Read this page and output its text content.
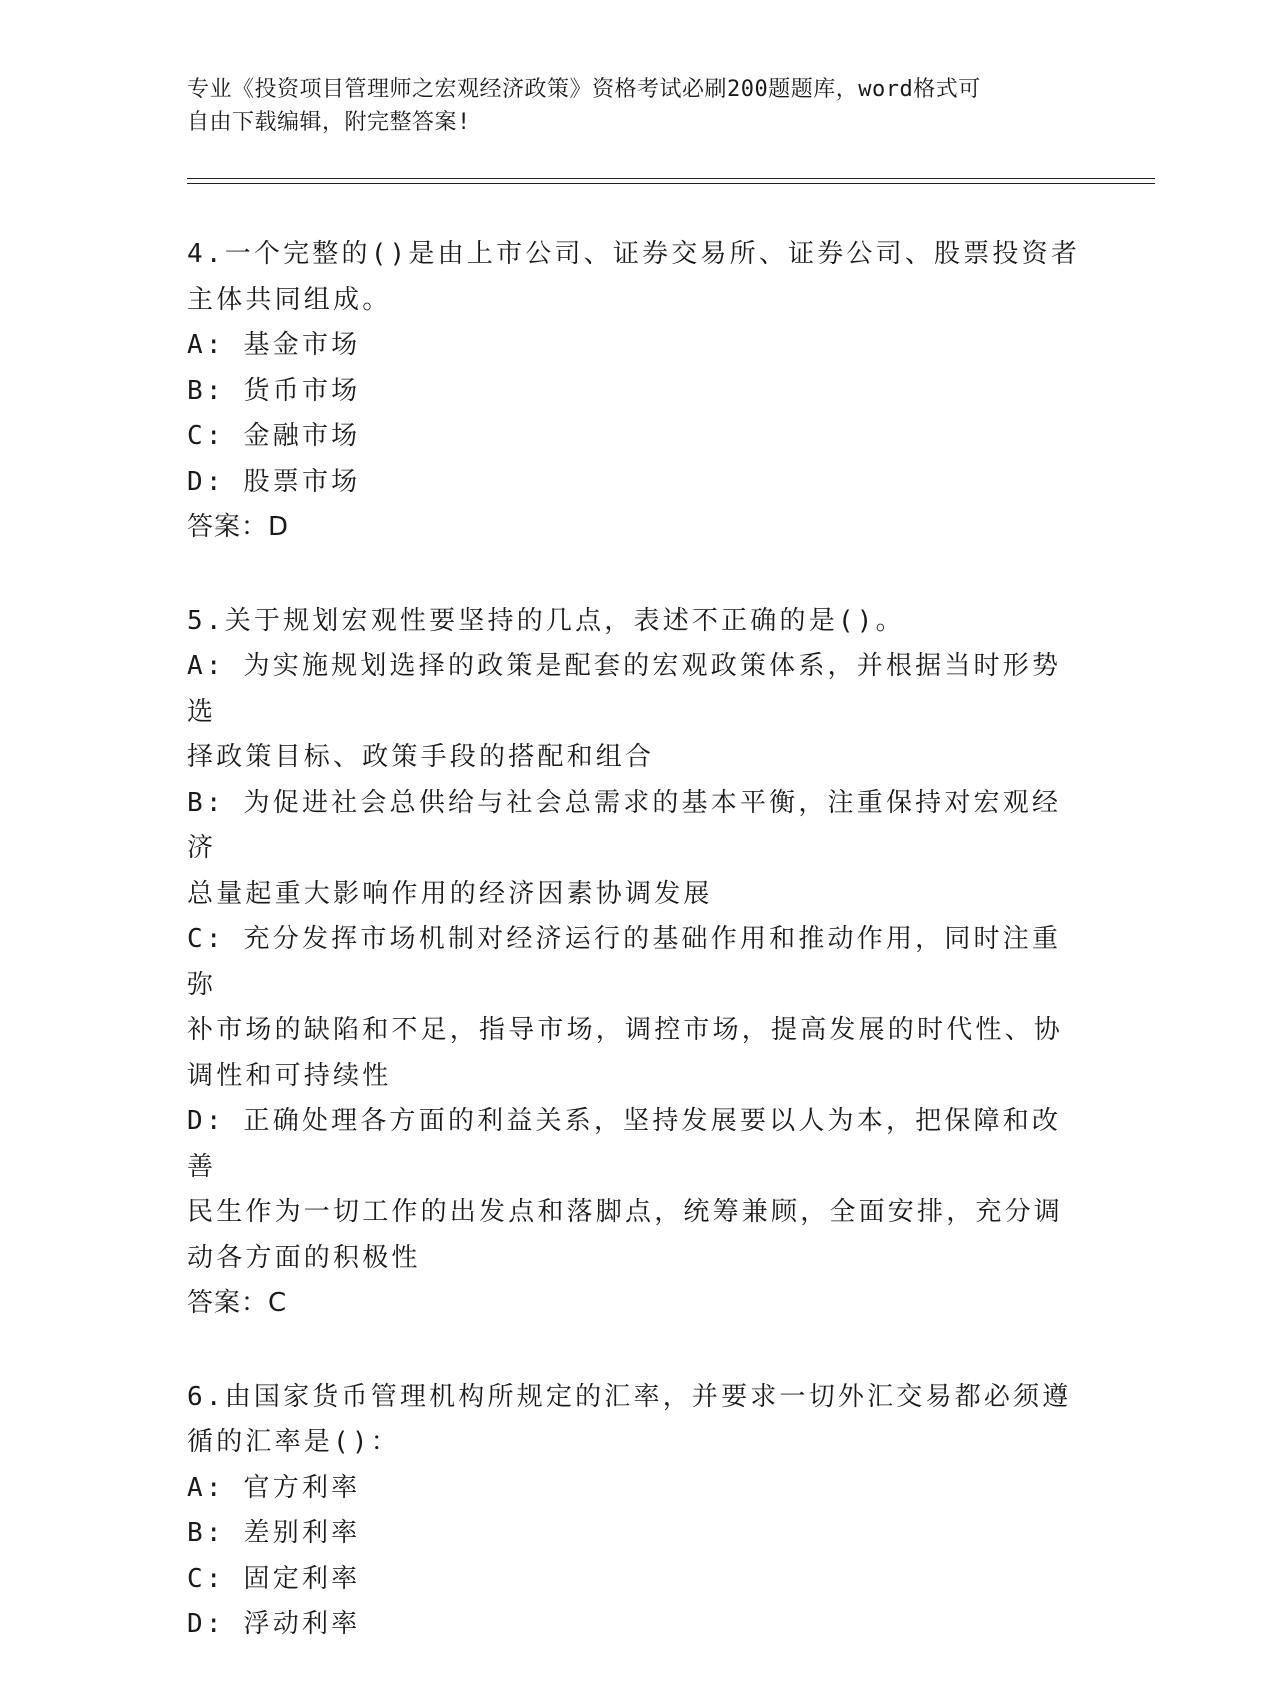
专业《投资项目管理师之宏观经济政策》资格考试必刷200题题库，word格式可
自由下载编辑，附完整答案!
4.一个完整的()是由上市公司、证券交易所、证券公司、股票投资者
主体共同组成。
A: 基金市场
B: 货币市场
C: 金融市场
D: 股票市场
答案：D
5.关于规划宏观性要坚持的几点，表述不正确的是()。
A: 为实施规划选择的政策是配套的宏观政策体系，并根据当时形势选
择政策目标、政策手段的搭配和组合
B: 为促进社会总供给与社会总需求的基本平衡，注重保持对宏观经济
总量起重大影响作用的经济因素协调发展
C: 充分发挥市场机制对经济运行的基础作用和推动作用，同时注重弥
补市场的缺陷和不足，指导市场，调控市场，提高发展的时代性、协
调性和可持续性
D: 正确处理各方面的利益关系，坚持发展要以人为本，把保障和改善
民生作为一切工作的出发点和落脚点，统筹兼顾，全面安排，充分调
动各方面的积极性
答案：C
6.由国家货币管理机构所规定的汇率，并要求一切外汇交易都必须遵
循的汇率是()：
A: 官方利率
B: 差别利率
C: 固定利率
D: 浮动利率
